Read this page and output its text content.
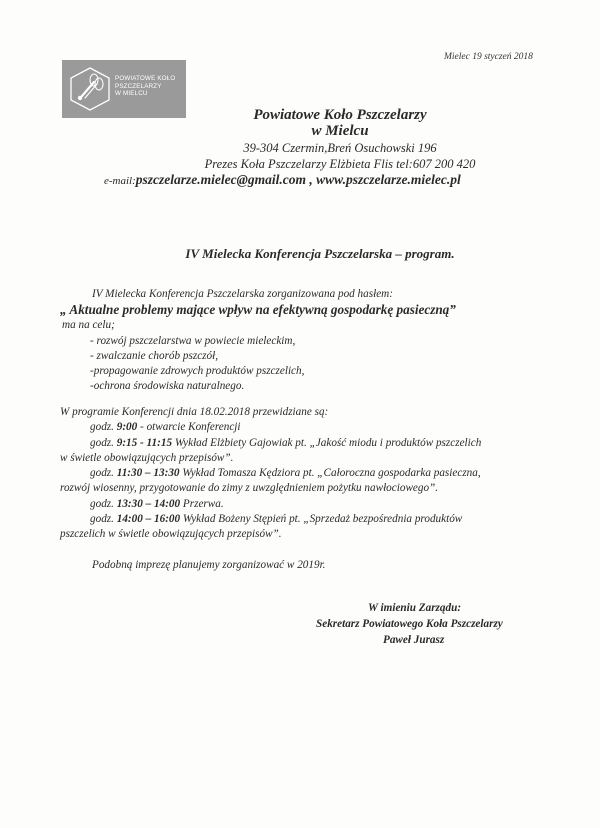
Mielec 19 styczeń 2018
POWIATOWE KOŁO
PSZCZELARZY
W MIELCU
Powiatowe Koło Pszczelarzy
w Mielcu
39-304 Czermin,Breń Osuchowski 196
Prezes Koła Pszczelarzy Elżbieta Flis tel:607 200 420
e-mail:pszczelarze.mielec@gmail.com , www.pszczelarze.mielec.pl
IV Mielecka Konferencja Pszczelarska – program.
IV Mielecka Konferencja Pszczelarska zorganizowana pod hasłem:
„ Aktualne problemy mające wpływ na efektywną gospodarkę pasieczną”
ma na celu;
- rozwój pszczelarstwa w powiecie mieleckim,
- zwalczanie chorób pszczół,
-propagowanie zdrowych produktów pszczelich,
-ochrona środowiska naturalnego.
W programie Konferencji dnia 18.02.2018 przewidziane są:
godz. 9:00 - otwarcie Konferencji
godz. 9:15 - 11:15 Wykład Elżbiety Gajowiak pt. „Jakość miodu i produktów pszczelich
w świetle obowiązujących przepisów”.
godz. 11:30 – 13:30 Wykład Tomasza Kędziora pt. „Całoroczna gospodarka pasieczna,
rozwój wiosenny, przygotowanie do zimy z uwzględnieniem pożytku nawłociowego”.
godz. 13:30 – 14:00 Przerwa.
godz. 14:00 – 16:00 Wykład Bożeny Stępień pt. „Sprzedaż bezpośrednia produktów
pszczelich w świetle obowiązujących przepisów”.
Podobną imprezę planujemy zorganizować w 2019r.
W imieniu Zarządu:
Sekretarz Powiatowego Koła Pszczelarzy
Paweł Jurasz
